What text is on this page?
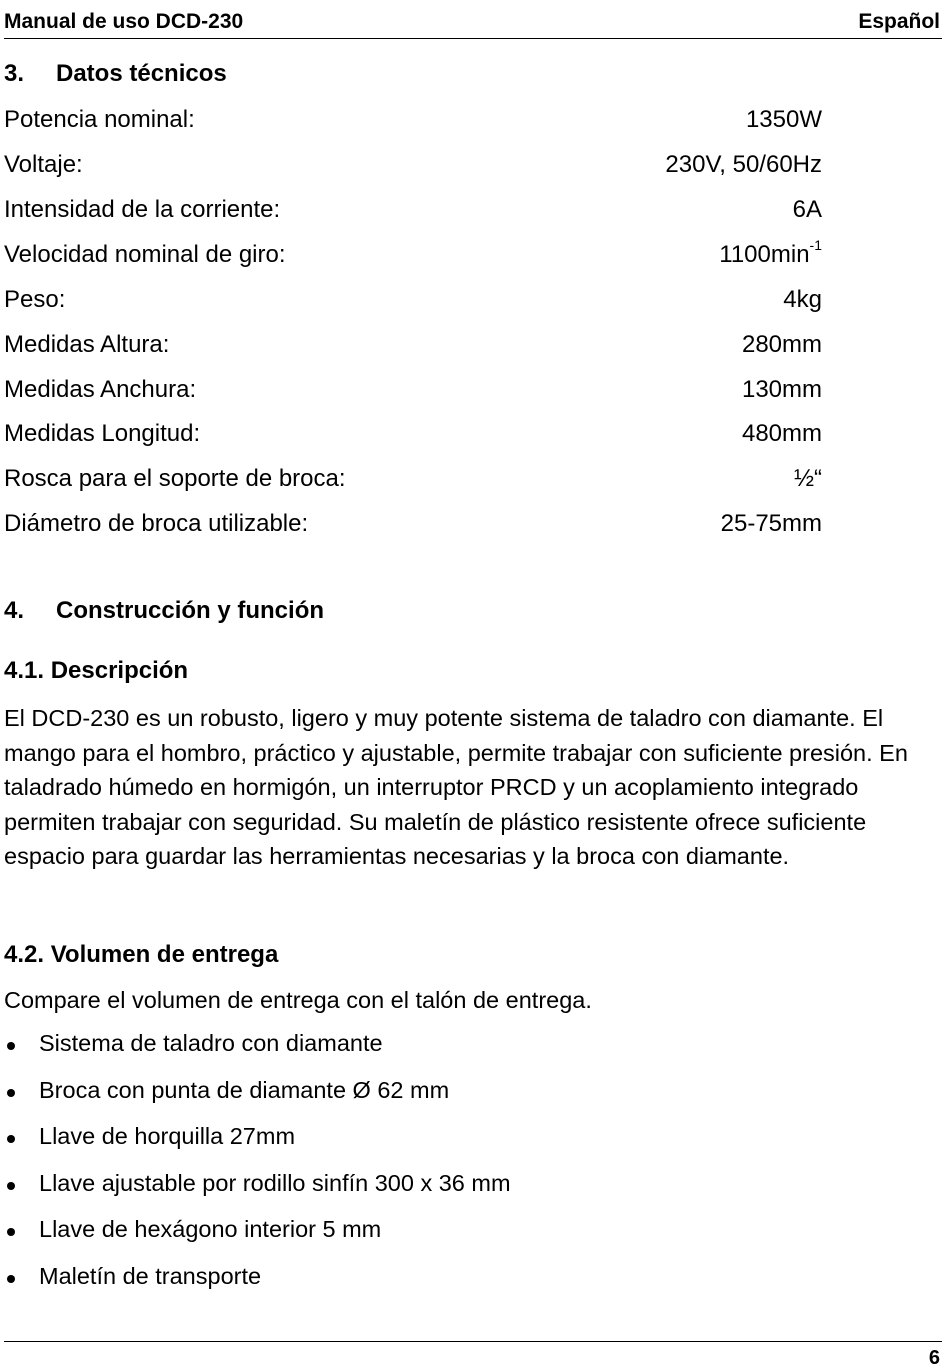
Manual de uso DCD-230	Español
3. Datos técnicos
Potencia nominal:	1350W
Voltaje:	230V, 50/60Hz
Intensidad de la corriente:	6A
Velocidad nominal de giro:	$1100\min^{-1}$
Peso:	4kg
Medidas Altura:	280mm
Medidas Anchura:	130mm
Medidas Longitud:	480mm
Rosca para el soporte de broca:	½“
Diámetro de broca utilizable:	25-75mm
4. Construcción y función
4.1. Descripción
El DCD-230 es un robusto, ligero y muy potente sistema de taladro con diamante. El mango para el hombro, práctico y ajustable, permite trabajar con suficiente presión. En taladrado húmedo en hormigón, un interruptor PRCD y un acoplamiento integrado permiten trabajar con seguridad. Su maletín de plástico resistente ofrece suficiente espacio para guardar las herramientas necesarias y la broca con diamante.
4.2. Volumen de entrega
Compare el volumen de entrega con el talón de entrega.
Sistema de taladro con diamante
Broca con punta de diamante Ø 62 mm
Llave de horquilla 27mm
Llave ajustable por rodillo sinfín 300 x 36 mm
Llave de hexágono interior 5 mm
Maletín de transporte
6
